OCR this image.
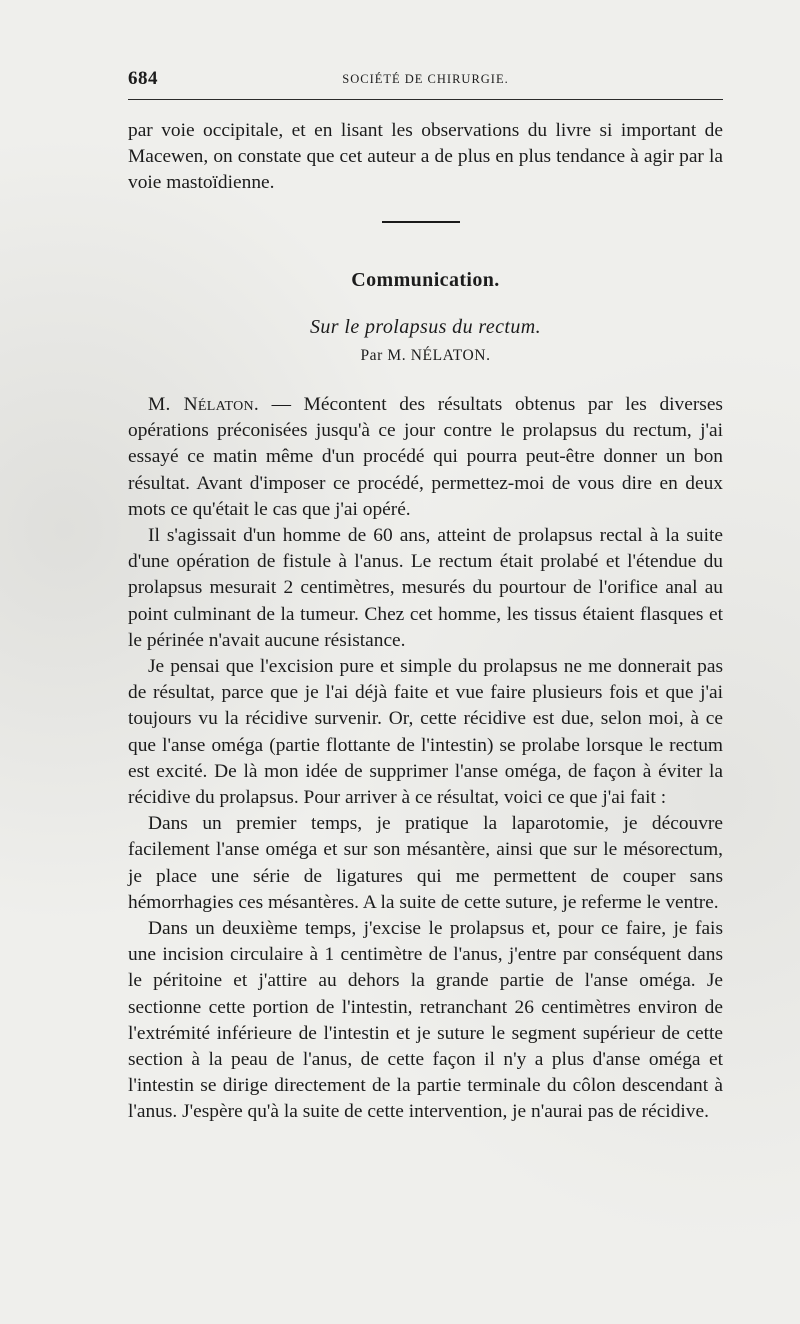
684	SOCIÉTÉ DE CHIRURGIE.

par voie occipitale, et en lisant les observations du livre si important de Macewen, on constate que cet auteur a de plus en plus tendance à agir par la voie mastoïdienne.

Communication.
Sur le prolapsus du rectum.
Par M. NÉLATON.

M. Nélaton. — Mécontent des résultats obtenus par les diverses opérations préconisées jusqu'à ce jour contre le prolapsus du rectum, j'ai essayé ce matin même d'un procédé qui pourra peut-être donner un bon résultat. Avant d'imposer ce procédé, permettez-moi de vous dire en deux mots ce qu'était le cas que j'ai opéré.

Il s'agissait d'un homme de 60 ans, atteint de prolapsus rectal à la suite d'une opération de fistule à l'anus. Le rectum était prolabé et l'étendue du prolapsus mesurait 2 centimètres, mesurés du pourtour de l'orifice anal au point culminant de la tumeur. Chez cet homme, les tissus étaient flasques et le périnée n'avait aucune résistance.

Je pensai que l'excision pure et simple du prolapsus ne me donnerait pas de résultat, parce que je l'ai déjà faite et vue faire plusieurs fois et que j'ai toujours vu la récidive survenir. Or, cette récidive est due, selon moi, à ce que l'anse oméga (partie flottante de l'intestin) se prolabe lorsque le rectum est excité. De là mon idée de supprimer l'anse oméga, de façon à éviter la récidive du prolapsus. Pour arriver à ce résultat, voici ce que j'ai fait :

Dans un premier temps, je pratique la laparotomie, je découvre facilement l'anse oméga et sur son mésantère, ainsi que sur le mésorectum, je place une série de ligatures qui me permettent de couper sans hémorrhagies ces mésantères. A la suite de cette suture, je referme le ventre.

Dans un deuxième temps, j'excise le prolapsus et, pour ce faire, je fais une incision circulaire à 1 centimètre de l'anus, j'entre par conséquent dans le péritoine et j'attire au dehors la grande partie de l'anse oméga. Je sectionne cette portion de l'intestin, retranchant 26 centimètres environ de l'extrémité inférieure de l'intestin et je suture le segment supérieur de cette section à la peau de l'anus, de cette façon il n'y a plus d'anse oméga et l'intestin se dirige directement de la partie terminale du côlon descendant à l'anus. J'espère qu'à la suite de cette intervention, je n'aurai pas de récidive.
